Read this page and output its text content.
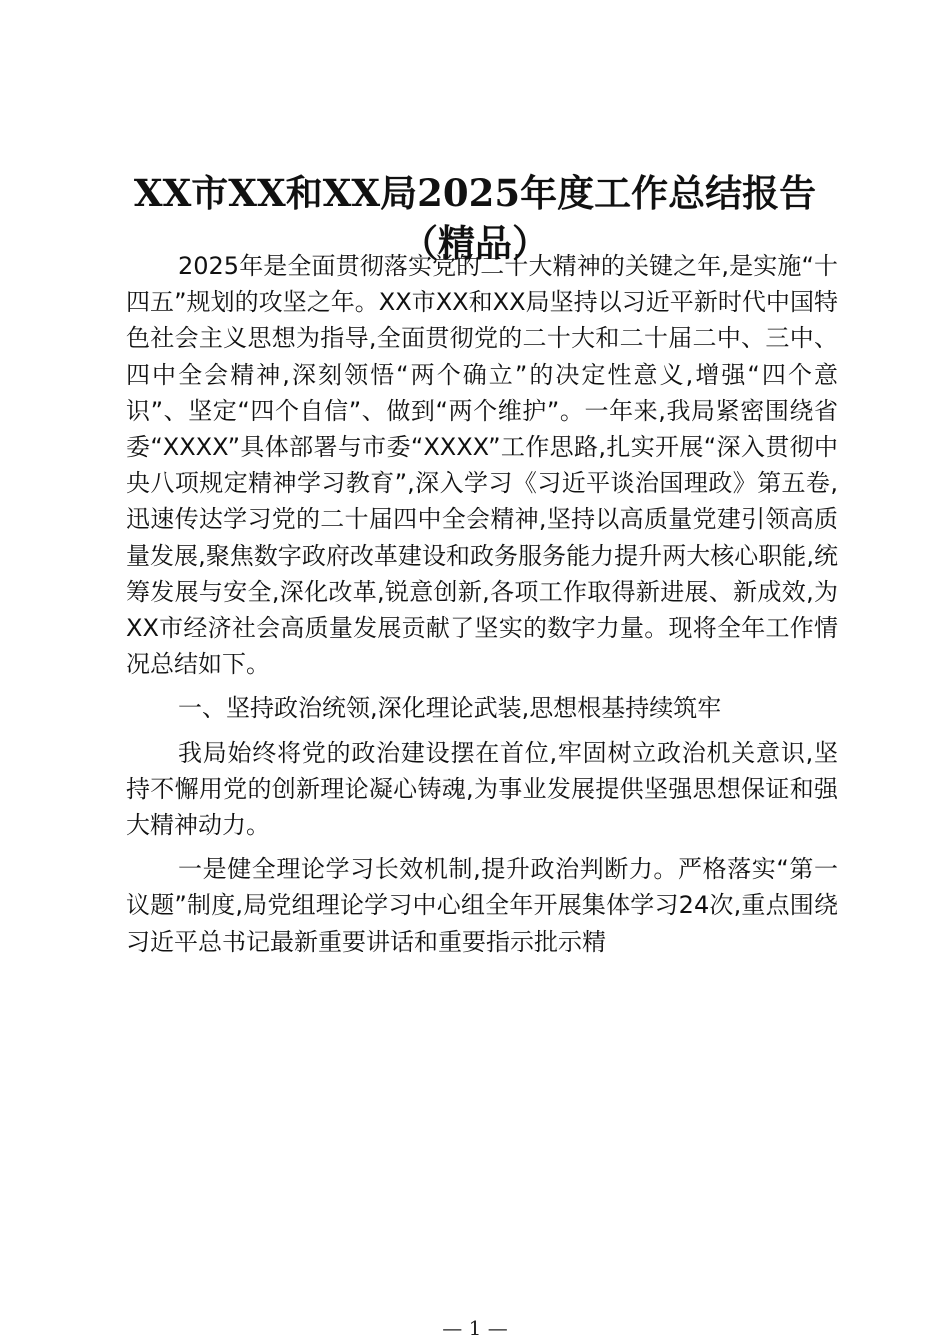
XX市XX和XX局2025年度工作总结报告（精品）

2025年是全面贯彻落实党的二十大精神的关键之年,是实施“十四五”规划的攻坚之年。XX市XX和XX局坚持以习近平新时代中国特色社会主义思想为指导,全面贯彻党的二十大和二十届二中、三中、四中全会精神,深刻领悟“两个确立”的决定性意义,增强“四个意识”、坚定“四个自信”、做到“两个维护”。一年来,我局紧密围绕省委“XXXX”具体部署与市委“XXXX”工作思路,扎实开展“深入贯彻中央八项规定精神学习教育”,深入学习《习近平谈治国理政》第五卷,迅速传达学习党的二十届四中全会精神,坚持以高质量党建引领高质量发展,聚焦数字政府改革建设和政务服务能力提升两大核心职能,统筹发展与安全,深化改革,锐意创新,各项工作取得新进展、新成效,为XX市经济社会高质量发展贡献了坚实的数字力量。现将全年工作情况总结如下。

一、坚持政治统领,深化理论武装,思想根基持续筑牢

我局始终将党的政治建设摆在首位,牢固树立政治机关意识,坚持不懈用党的创新理论凝心铸魂,为事业发展提供坚强思想保证和强大精神动力。

一是健全理论学习长效机制,提升政治判断力。严格落实“第一议题”制度,局党组理论学习中心组全年开展集体学习24次,重点围绕习近平总书记最新重要讲话和重要指示批示精

— 1 —
